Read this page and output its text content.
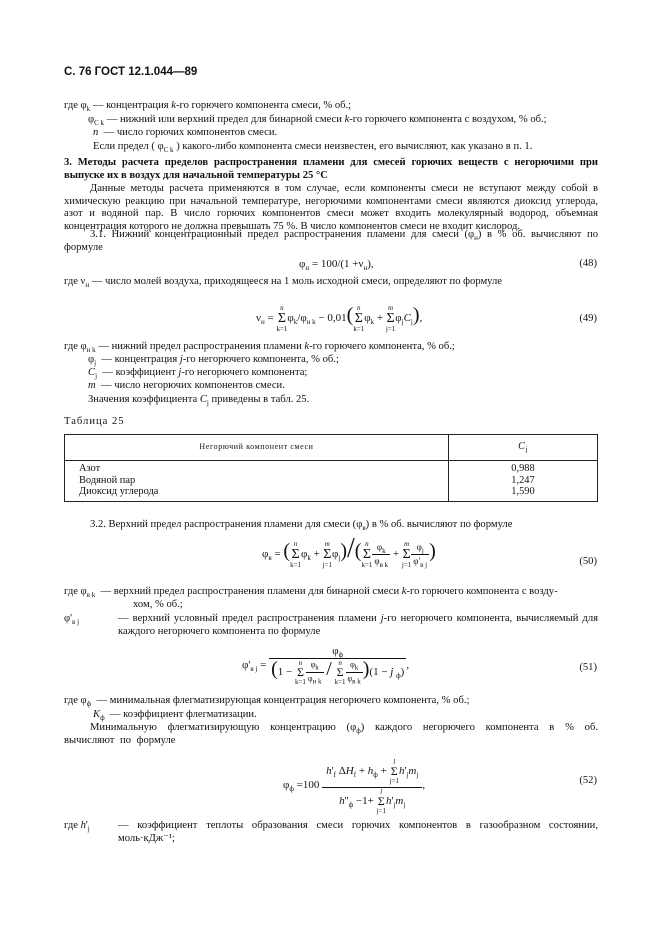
С. 76 ГОСТ 12.1.044—89
где $\varphi_k$ — концентрация k-го горючего компонента смеси, % об.;
$\varphi_{C k}$ — нижний или верхний предел для бинарной смеси k-го горючего компонента с воздухом, % об.;
n  — число горючих компонентов смеси.
Если предел ( $\varphi_{C k}$ ) какого-либо компонента смеси неизвестен, его вычисляют, как указано в п. 1.
3. Методы расчета пределов распространения пламени для смесей горючих веществ с негорючими при выпуске их в воздух для начальной температуры 25 °С
Данные методы расчета применяются в том случае, если компоненты смеси не вступают между собой в химическую реакцию при начальной температуре, негорючими компонентами смеси являются диоксид углерода, азот и водяной пар. В число горючих компонентов смеси может входить молекулярный водород, объемная концентрация которого не должна превышать 75 %. В число компонентов смеси не входит кислород.
3.1. Нижний концентрационный предел распространения пламени для смеси $(\varphi_н)$ в % об. вычисляют по формуле
$\varphi_н = 100/(1 +\nu_н)$,	(48)
где $\nu_н$ — число молей воздуха, приходящееся на 1 моль исходной смеси, определяют по формуле
$\nu_н$ =
n
Σ
k=1
$\varphi_k/\varphi_{н k} - 0,01$( n
Σ
k=1
$\varphi_k$ +
m
Σ
j=1
$\varphi_jC_j$),	(49)
где $\varphi_{н k}$ — нижний предел распространения пламени k-го горючего компонента, % об.;
$\varphi_j$  — концентрация j-го негорючего компонента, % об.;
$C_j$  — коэффициент j-го негорючего компонента;
m  — число негорючих компонентов смеси.
Значения коэффициента $C_j$ приведены в табл. 25.
Таблица 25
Негорючий компонент смеси	$C_j$
Азот	0,988
Водяной пар	1,247
Диоксид углерода	1,590
3.2. Верхний предел распространения пламени для смеси $(\varphi_в)$ в % об. вычисляют по формуле
$\varphi_в$ = ( n
Σ
k=1
$\varphi_k$ +
m
Σ
j=1
$\varphi_j)/$( n
Σ
$k=1 \frac{\varphi_k}{\varphi_{в k}}$ +
m
Σ
$j=1 \frac{\varphi_j}{\varphi'_{в j}}$ )	(50)
где $\varphi_{в k}$  — верхний предел распространения пламени для бинарной смеси k-го горючего компонента с возду-
хом, % об.;
$\varphi'_{в j}$	— верхний условный предел распространения пламени j-го негорючего компонента, вычисляемый для каждого негорючего компонента по формуле
$\varphi'_{в j} = \varphi_ф$
(1 −
n
Σ
$k=1 \frac{\varphi_k}{\varphi_{н k}} / n$
Σ
$k=1 \frac{\varphi_k}{\varphi_{в k}} )(1 - j$ $_ф$) ,	(51)
где $\varphi_ф$  — минимальная флегматизирующая концентрация негорючего компонента, % об.;
$K_ф$  — коэффициент флегматизации.
Минимальную флегматизирующую концентрацию $(\varphi_ф)$ каждого негорючего компонента в % об. вычисляют по формуле
$\varphi_ф =100$ $h'_f$ $\Delta H_f + h_ф$ +
l
Σ
j=1
$h'_jm_j$
$h''_ф -1+$
l
Σ
j=1
$h'_jm_j$ ,	(52)
где $h'_j$	— коэффициент теплоты образования смеси горючих компонентов в газообразном состоянии, моль·кДж⁻¹;
